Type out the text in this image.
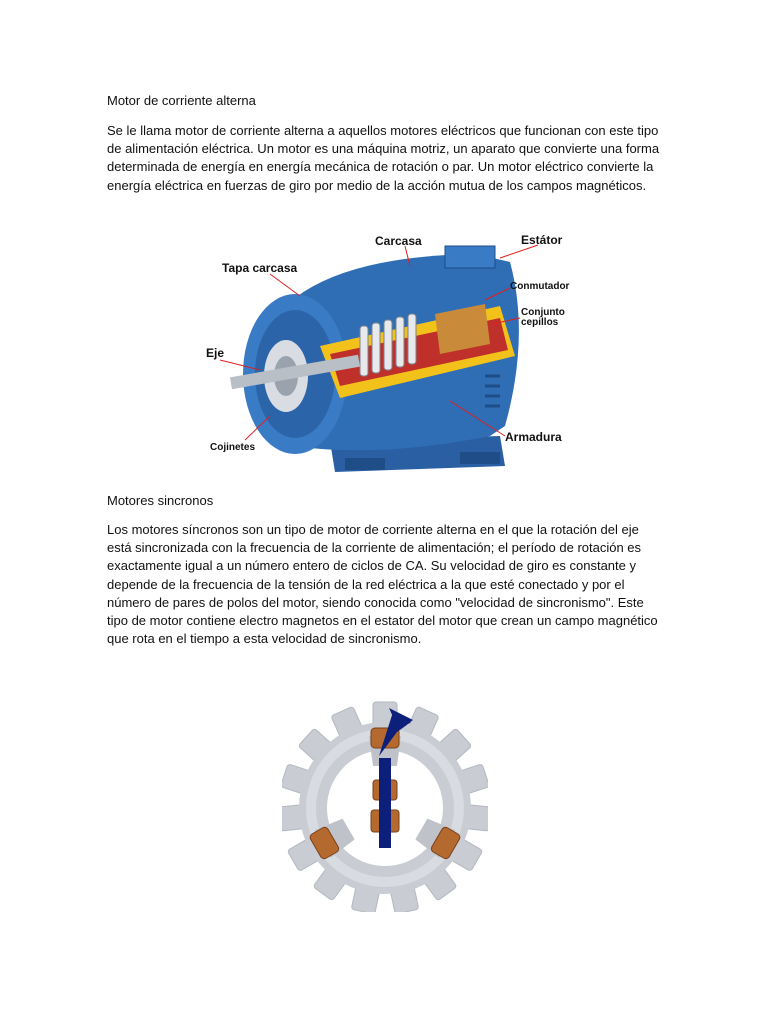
Motor de corriente alterna
Se le llama motor de corriente alterna a aquellos motores eléctricos que funcionan con este tipo de alimentación eléctrica. Un motor es una máquina motriz, un aparato que convierte una forma determinada de energía en energía mecánica de rotación o par. Un motor eléctrico convierte la energía eléctrica en fuerzas de giro por medio de la acción mutua de los campos magnéticos.
Carcasa	Estátor
Tapa carcasa
Conmutador
Conjunto
cepillos
Eje
Cojinetes
Armadura
Motores sincronos
Los motores síncronos son un tipo de motor de corriente alterna en el que la rotación del eje está sincronizada con la frecuencia de la corriente de alimentación; el período de rotación es exactamente igual a un número entero de ciclos de CA. Su velocidad de giro es constante y depende de la frecuencia de la tensión de la red eléctrica a la que esté conectado y por el número de pares de polos del motor, siendo conocida como "velocidad de sincronismo". Este tipo de motor contiene electro magnetos en el estator del motor que crean un campo magnético que rota en el tiempo a esta velocidad de sincronismo.
